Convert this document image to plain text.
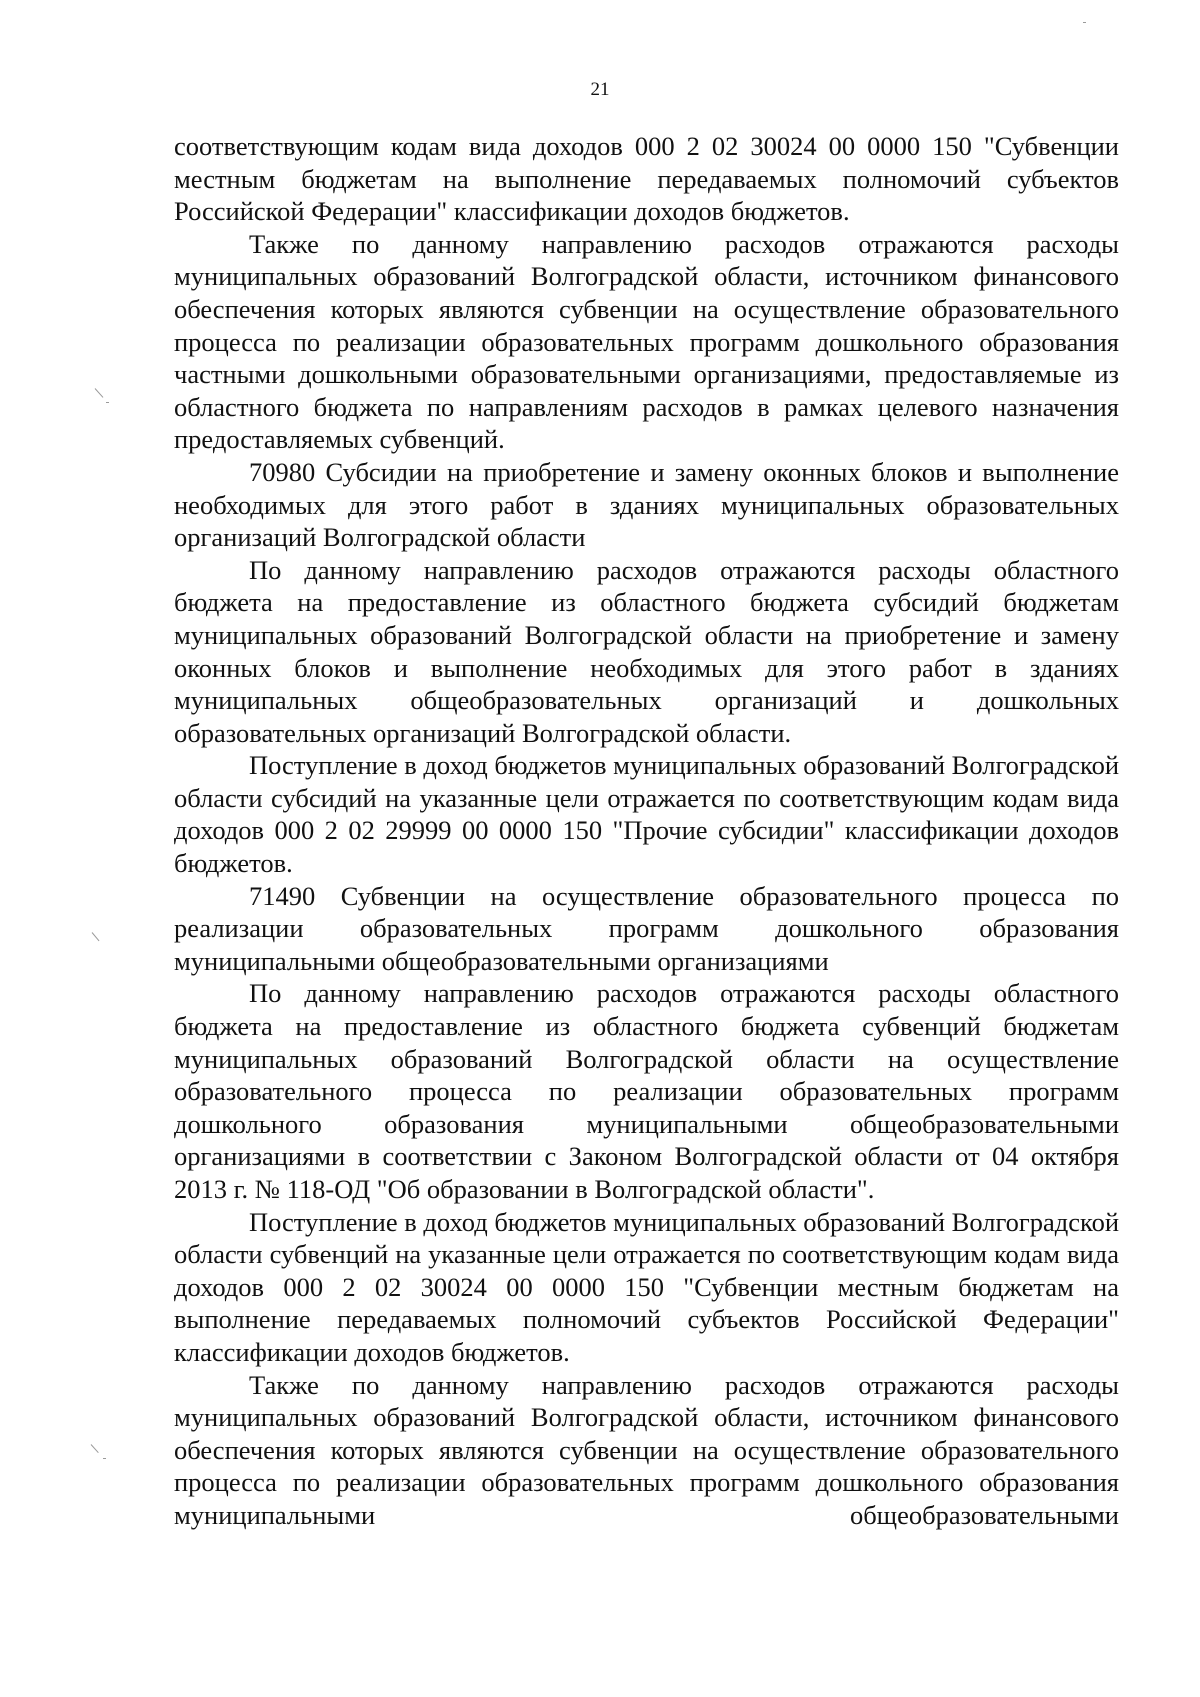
21

соответствующим кодам вида доходов 000 2 02 30024 00 0000 150 "Субвенции местным бюджетам на выполнение передаваемых полномочий субъектов Российской Федерации" классификации доходов бюджетов.

Также по данному направлению расходов отражаются расходы муниципальных образований Волгоградской области, источником финансового обеспечения которых являются субвенции на осуществление образовательного процесса по реализации образовательных программ дошкольного образования частными дошкольными образовательными организациями, предоставляемые из областного бюджета по направлениям расходов в рамках целевого назначения предоставляемых субвенций.

70980 Субсидии на приобретение и замену оконных блоков и выполнение необходимых для этого работ в зданиях муниципальных образовательных организаций Волгоградской области

По данному направлению расходов отражаются расходы областного бюджета на предоставление из областного бюджета субсидий бюджетам муниципальных образований Волгоградской области на приобретение и замену оконных блоков и выполнение необходимых для этого работ в зданиях муниципальных общеобразовательных организаций и дошкольных образовательных организаций Волгоградской области.

Поступление в доход бюджетов муниципальных образований Волгоградской области субсидий на указанные цели отражается по соответствующим кодам вида доходов 000 2 02 29999 00 0000 150 "Прочие субсидии" классификации доходов бюджетов.

71490 Субвенции на осуществление образовательного процесса по реализации образовательных программ дошкольного образования муниципальными общеобразовательными организациями

По данному направлению расходов отражаются расходы областного бюджета на предоставление из областного бюджета субвенций бюджетам муниципальных образований Волгоградской области на осуществление образовательного процесса по реализации образовательных программ дошкольного образования муниципальными общеобразовательными организациями в соответствии с Законом Волгоградской области от 04 октября 2013 г. № 118-ОД "Об образовании в Волгоградской области".

Поступление в доход бюджетов муниципальных образований Волгоградской области субвенций на указанные цели отражается по соответствующим кодам вида доходов 000 2 02 30024 00 0000 150 "Субвенции местным бюджетам на выполнение передаваемых полномочий субъектов Российской Федерации" классификации доходов бюджетов.

Также по данному направлению расходов отражаются расходы муниципальных образований Волгоградской области, источником финансового обеспечения которых являются субвенции на осуществление образовательного процесса по реализации образовательных программ дошкольного образования муниципальными общеобразовательными
